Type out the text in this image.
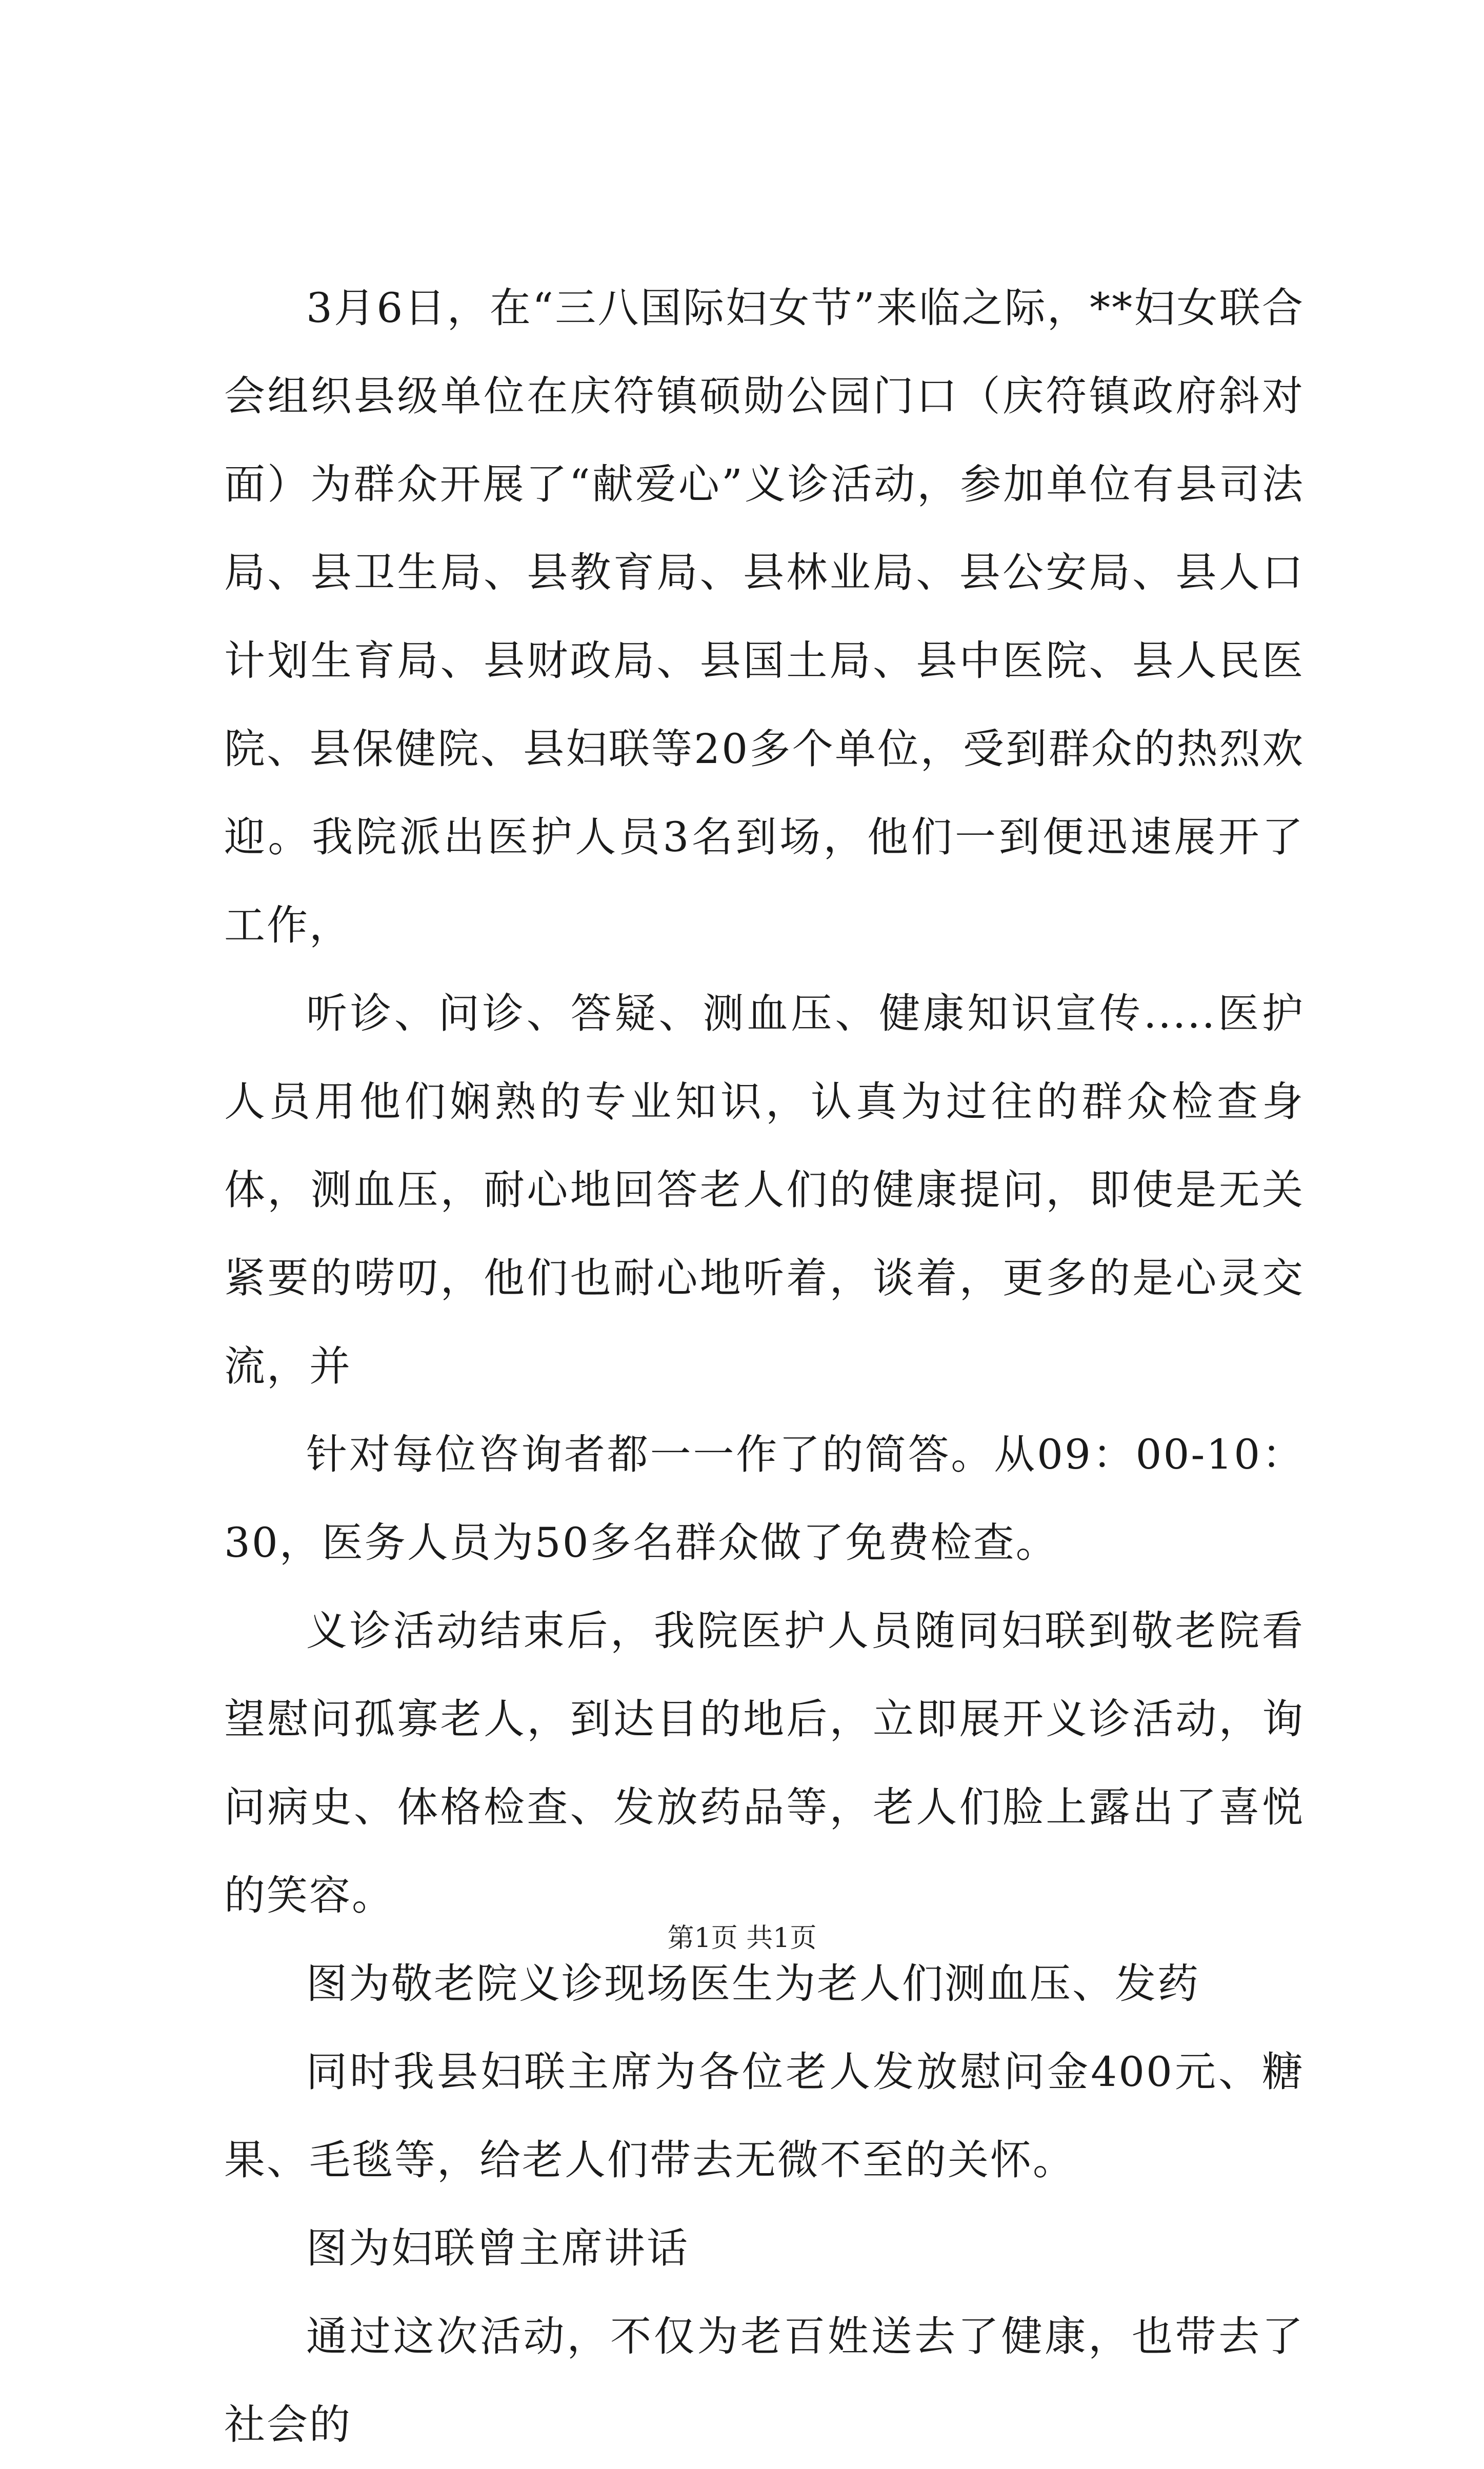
3月6日，在“三八国际妇女节”来临之际，**妇女联合会组织县级单位在庆符镇硕勋公园门口（庆符镇政府斜对面）为群众开展了“献爱心”义诊活动，参加单位有县司法局、县卫生局、县教育局、县林业局、县公安局、县人口计划生育局、县财政局、县国土局、县中医院、县人民医院、县保健院、县妇联等20多个单位，受到群众的热烈欢迎。我院派出医护人员3名到场，他们一到便迅速展开了工作，

听诊、问诊、答疑、测血压、健康知识宣传.....医护人员用他们娴熟的专业知识，认真为过往的群众检查身体，测血压，耐心地回答老人们的健康提问，即使是无关紧要的唠叨，他们也耐心地听着，谈着，更多的是心灵交流，并

针对每位咨询者都一一作了的简答。从09：00-10：30，医务人员为50多名群众做了免费检查。

义诊活动结束后，我院医护人员随同妇联到敬老院看望慰问孤寡老人，到达目的地后，立即展开义诊活动，询问病史、体格检查、发放药品等，老人们脸上露出了喜悦的笑容。

图为敬老院义诊现场医生为老人们测血压、发药

同时我县妇联主席为各位老人发放慰问金400元、糖果、毛毯等，给老人们带去无微不至的关怀。

图为妇联曾主席讲话

通过这次活动，不仅为老百姓送去了健康，也带去了社会的

第1页 共1页
